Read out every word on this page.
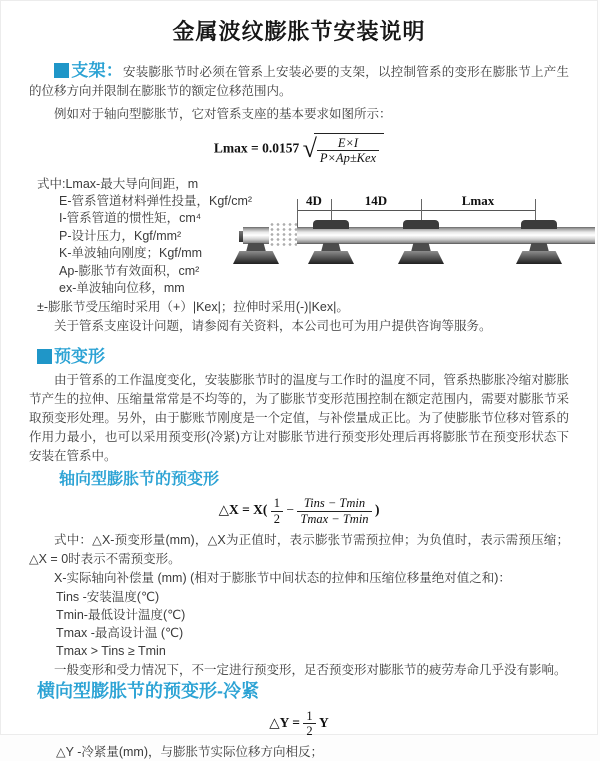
金属波纹膨胀节安装说明

支架：安装膨胀节时必须在管系上安装必要的支架，以控制管系的变形在膨胀节上产生的位移方向并限制在膨胀节的额定位移范围内。

例如对于轴向型膨胀节，它对管系支座的基本要求如图所示：

Lmax = 0.0157 √ $\frac{E\times I}{\text{P×Ap±Kex}}$
式中:Lmax-最大导向间距，m
E-管系管道材料弹性投量，Kgf/cm²
I-管系管道的惯性矩，cm⁴
P-设计压力，Kgf/mm²
K-单波轴向刚度；Kgf/mm
Ap-膨胀节有效面积，cm²
ex-单波轴向位移，mm
±-膨胀节受压缩时采用（+）|Kex|；拉伸时采用(-)|Kex|。

关于管系支座设计问题，请参阅有关资料，本公司也可为用户提供咨询等服务。

4D	14D	Lmax
预变形

由于管系的工作温度变化，安装膨胀节时的温度与工作时的温度不同，管系热膨胀冷缩对膨胀节产生的拉伸、压缩量常常是不均等的，为了膨胀节变形范围控制在额定范围内，需要对膨胀节采取预变形处理。另外，由于膨账节刚度是一个定值，与补偿量成正比。为了使膨胀节位移对管系的作用力最小，也可以采用预变形(冷紧)方让对膨胀节进行预变形处理后再将膨胀节在预变形状态下安装在管系中。

轴向型膨胀节的预变形
△X = $X( \frac{1}{2} - \frac{\text{Tins − Tmin}}{Tmax - Tmin}$ )

式中：△X-预变形量(mm)，△X为正值时，表示膨张节需预拉伸；为负值时，表示需预压缩；△X = 0时表示不需预变形。

X-实际轴向补偿量 (mm) (相对于膨胀节中间状态的拉伸和压缩位移量绝对值之和)：

Tins -安装温度(℃)
Tmin-最低设计温度(℃)
Tmax -最高设计温 (℃)
Tmax > Tins ≥ Tmin

一般变形和受力情况下，不一定进行预变形，足否预变形对膨胀节的疲劳寿命几乎没有影响。

横向型膨胀节的预变形-冷紧
△Y = $\frac{1}{2}$ Y
△Y -冷紧量(mm)，与膨胀节实际位移方向相反；
